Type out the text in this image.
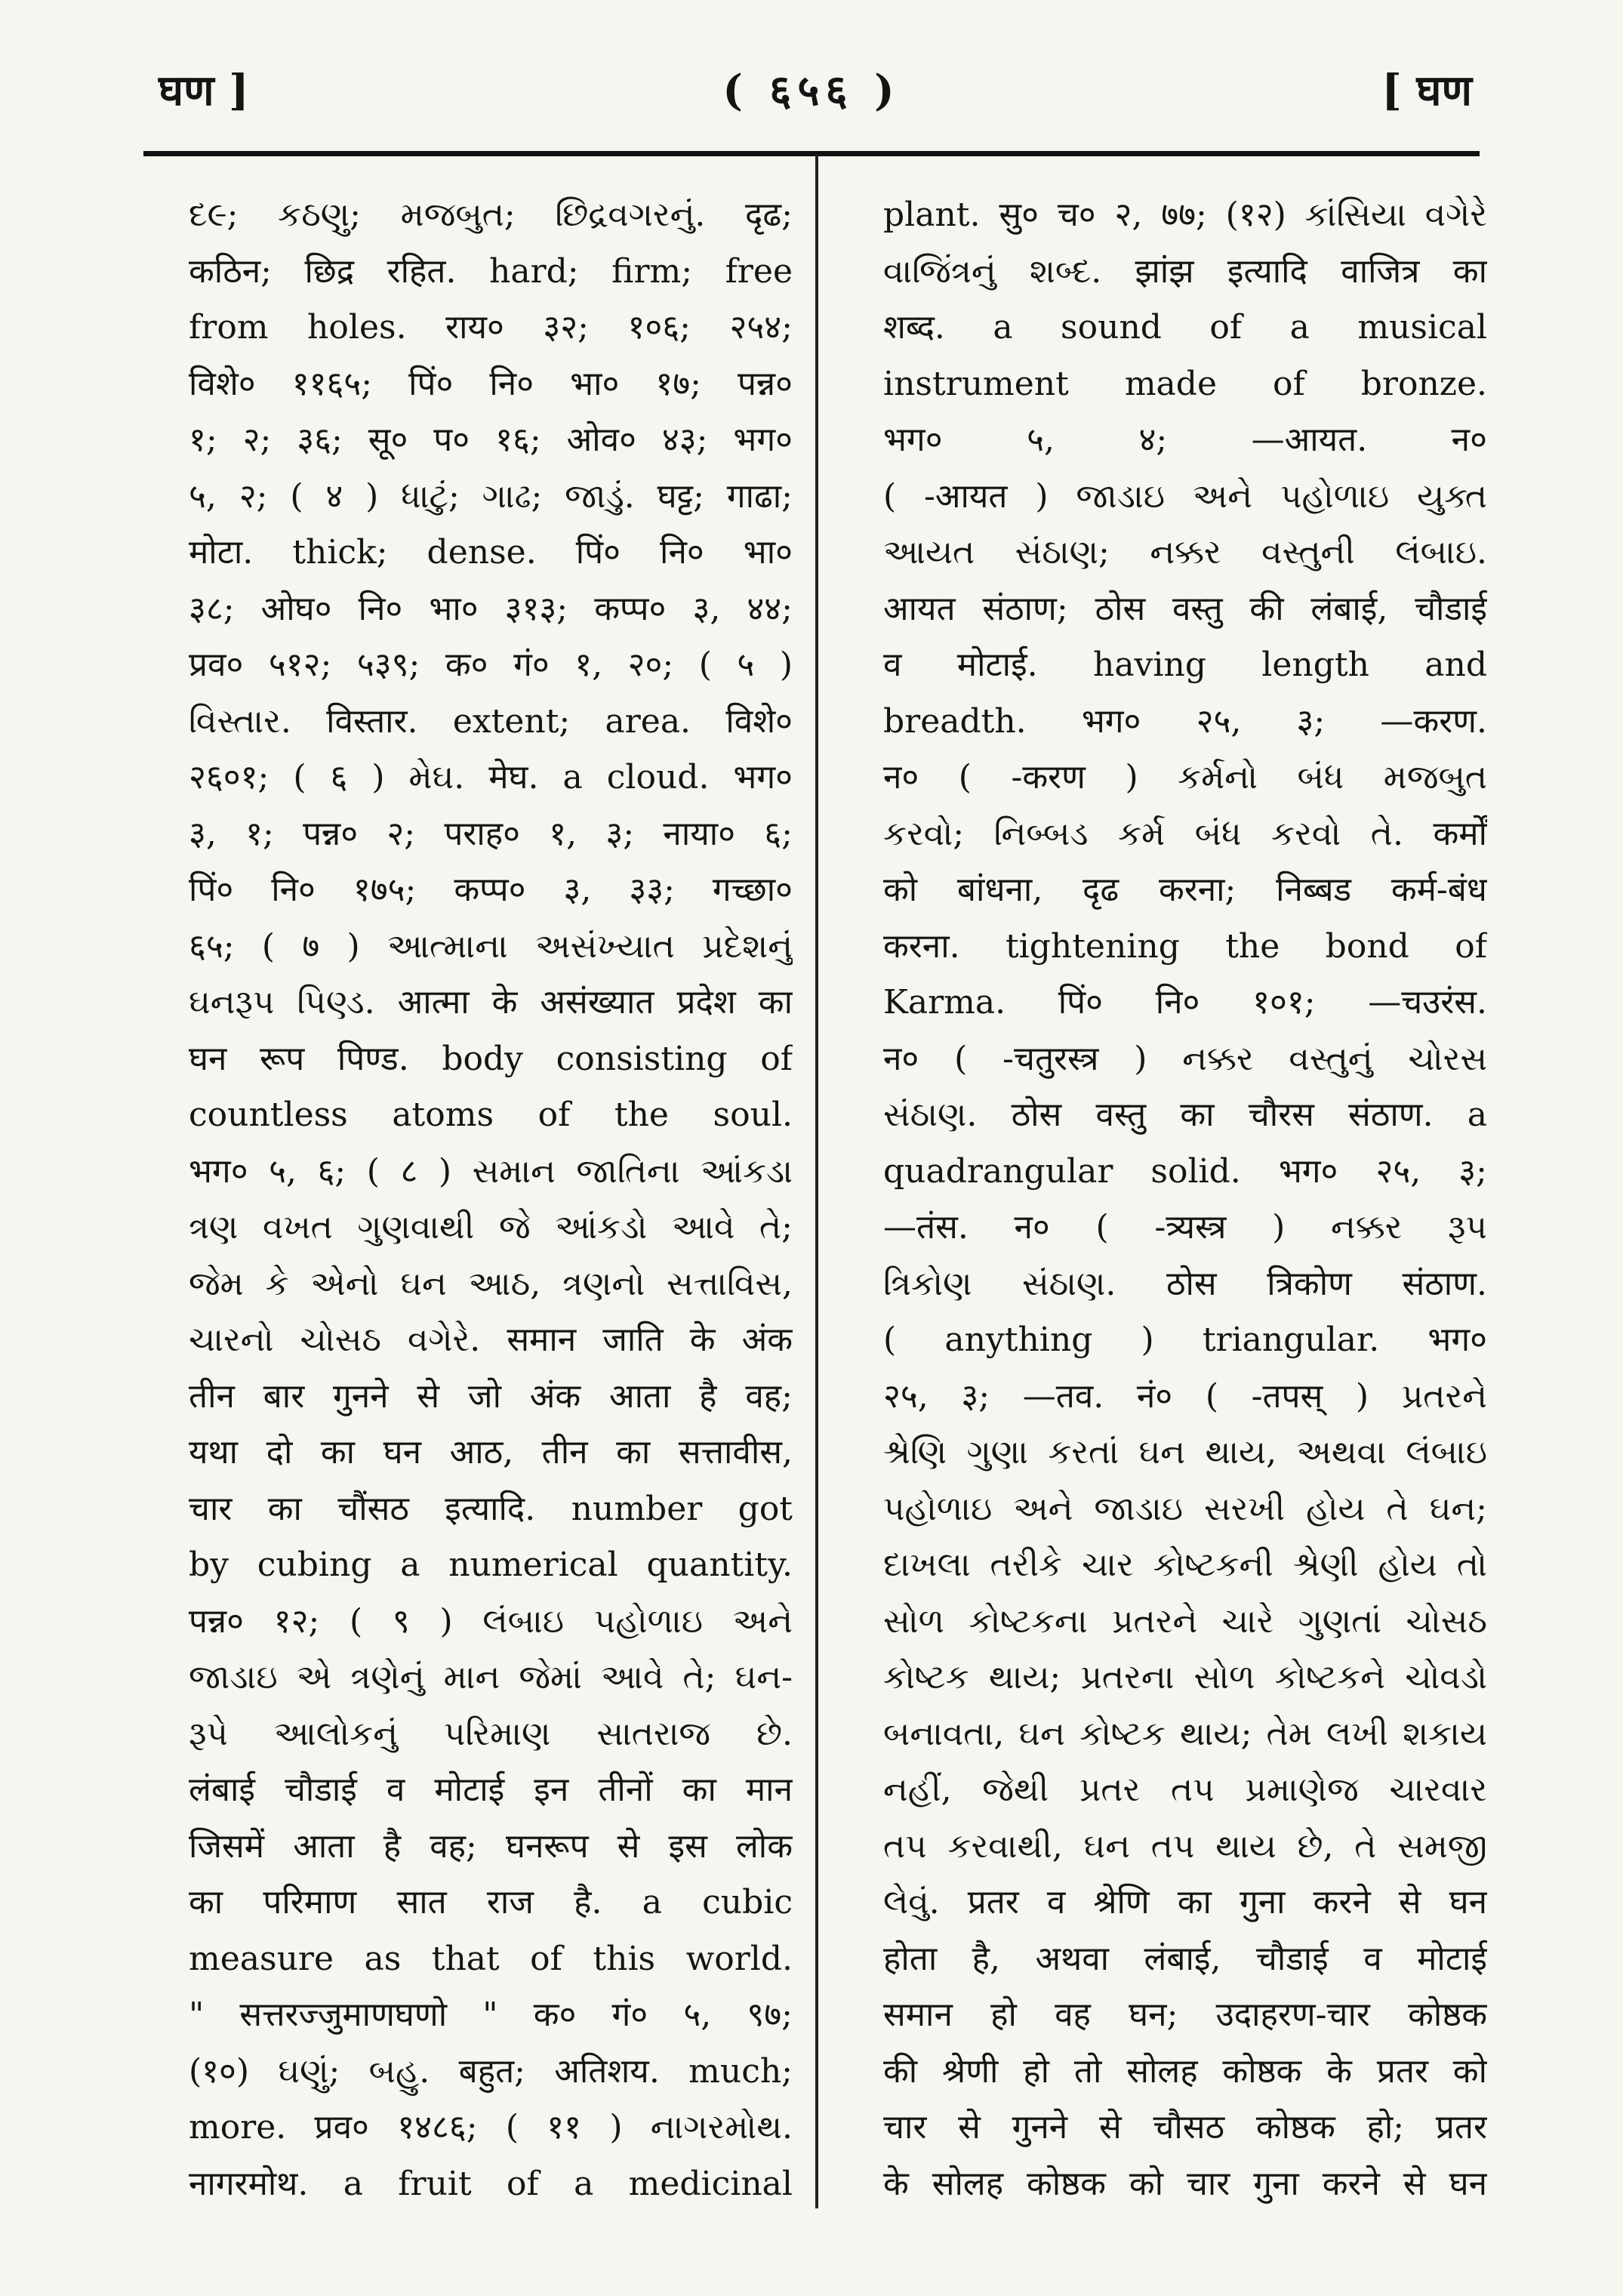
घण ]	( ६५६ )	[ घण
દ૯; કઠણુ; મજબુત; છિદ્રવગરનું. दृढ;
कठिन; छिद्र रहित. hard; firm; free
from holes. राय० ३२; १०६; २५४;
विशे० ११६५; पिं० नि० भा० १७; पन्न०
१; २; ३६; सू० प० १६; ओव० ४३; भग०
५, २; ( ४ ) ધાટું; ગાઢ; જાડું. घट्ट; गाढा;
मोटा. thick; dense. पिं० नि० भा०
३८; ओघ० नि० भा० ३१३; कप्प० ३, ४४;
प्रव० ५१२; ५३९; क० गं० १, २०; ( ५ )
વિસ્તાર. विस्तार. extent; area. विशे०
२६०१; ( ६ ) મેઘ. मेघ. a cloud. भग०
३, १; पन्न० २; पराह० १, ३; नाया० ६;
पिं० नि० १७५; कप्प० ३, ३३; गच्छा०
६५; ( ७ ) આત્માના અસંખ્યાત પ્રદેશનું
ઘનરૂપ પિણ્ડ. आत्मा के असंख्यात प्रदेश का
घन रूप पिण्ड. body consisting of
countless atoms of the soul.
भग० ५, ६; ( ८ ) સમાન જાતિના આંકડા
ત્રણ વખત ગુણવાથી જે આંકડો આવે તે;
જેમ કે એનો ઘન આઠ, ત્રણનો સત્તાવિસ,
ચારનો ચોસઠ વગેરે. समान जाति के अंक
तीन बार गुनने से जो अंक आता है वह;
यथा दो का घन आठ, तीन का सत्तावीस,
चार का चौंसठ इत्यादि. number got
by cubing a numerical quantity.
पन्न० १२; ( ९ ) લંબાઇ પહોળાઇ અને
જાડાઇ એ ત્રણેનું માન જેમાં આવે તે; ઘન-
રૂપે આલોકનું પરિમાણ સાતરાજ છે.
लंबाई चौडाई व मोटाई इन तीनों का मान
जिसमें आता है वह; घनरूप से इस लोक
का परिमाण सात राज है. a cubic
measure as that of this world.
" सत्तरज्जुमाणघणो " क० गं० ५, ९७;
(१०) ઘણું; બહુ. बहुत; अतिशय. much;
more. प्रव० १४८६; ( ११ ) નાગરમોથ.
नागरमोथ. a fruit of a medicinal
plant. सु० च० २, ७७; (१२) કાંસિયા વગેરે
વાજિંત્રનું શબ્દ. झांझ इत्यादि वाजित्र का
शब्द. a sound of a musical
instrument made of bronze.
भग० ५, ४; —आयत. न०
( -आयत ) જાડાઇ અને પહોળાઇ યુક્ત
આયત સંઠાણ; નક્કર વસ્તુની લંબાઇ.
आयत संठाण; ठोस वस्तु की लंबाई, चौडाई
व मोटाई. having length and
breadth. भग० २५, ३; —करण.
न० ( -करण ) કર્મનો બંધ મજબુત
કરવો; નિબ્બડ કર્મ બંધ કરવો તે. कर्मों
को बांधना, दृढ करना; निब्बड कर्म-बंध
करना. tightening the bond of
Karma. पिं० नि० १०१; —चउरंस.
न० ( -चतुरस्त्र ) નક્કર વસ્તુનું ચોરસ
સંઠાણ. ठोस वस्तु का चौरस संठाण. a
quadrangular solid. भग० २५, ३;
—तंस. न० ( -त्र्यस्त्र ) નક્કર રૂપ
ત્રિકોણ સંઠાણ. ठोस त्रिकोण संठाण.
( anything ) triangular. भग०
२५, ३; —तव. नं० ( -तपस् ) પ્રતરને
શ્રેણિ ગુણા કરતાં ઘન થાય, અથવા લંબાઇ
પહોળાઇ અને જાડાઇ સરખી હોય તે ઘન;
દાખલા તરીકે ચાર કોષ્ટકની શ્રેણી હોય તો
સોળ કોષ્ટકના પ્રતરને ચારે ગુણતાં ચોસઠ
કોષ્ટક થાય; પ્રતરના સોળ કોષ્ટકને ચોવડો
બનાવતા, ઘન કોષ્ટક થાય; તેમ લખી શકાય
નહીં, જેથી પ્રતર તપ પ્રમાણેજ ચારવાર
તપ કરવાથી, ઘન તપ થાય છે, તે સમજી
લેવું. प्रतर व श्रेणि का गुना करने से घन
होता है, अथवा लंबाई, चौडाई व मोटाई
समान हो वह घन; उदाहरण-चार कोष्ठक
की श्रेणी हो तो सोलह कोष्ठक के प्रतर को
चार से गुनने से चौसठ कोष्ठक हो; प्रतर
के सोलह कोष्ठक को चार गुना करने से घन
